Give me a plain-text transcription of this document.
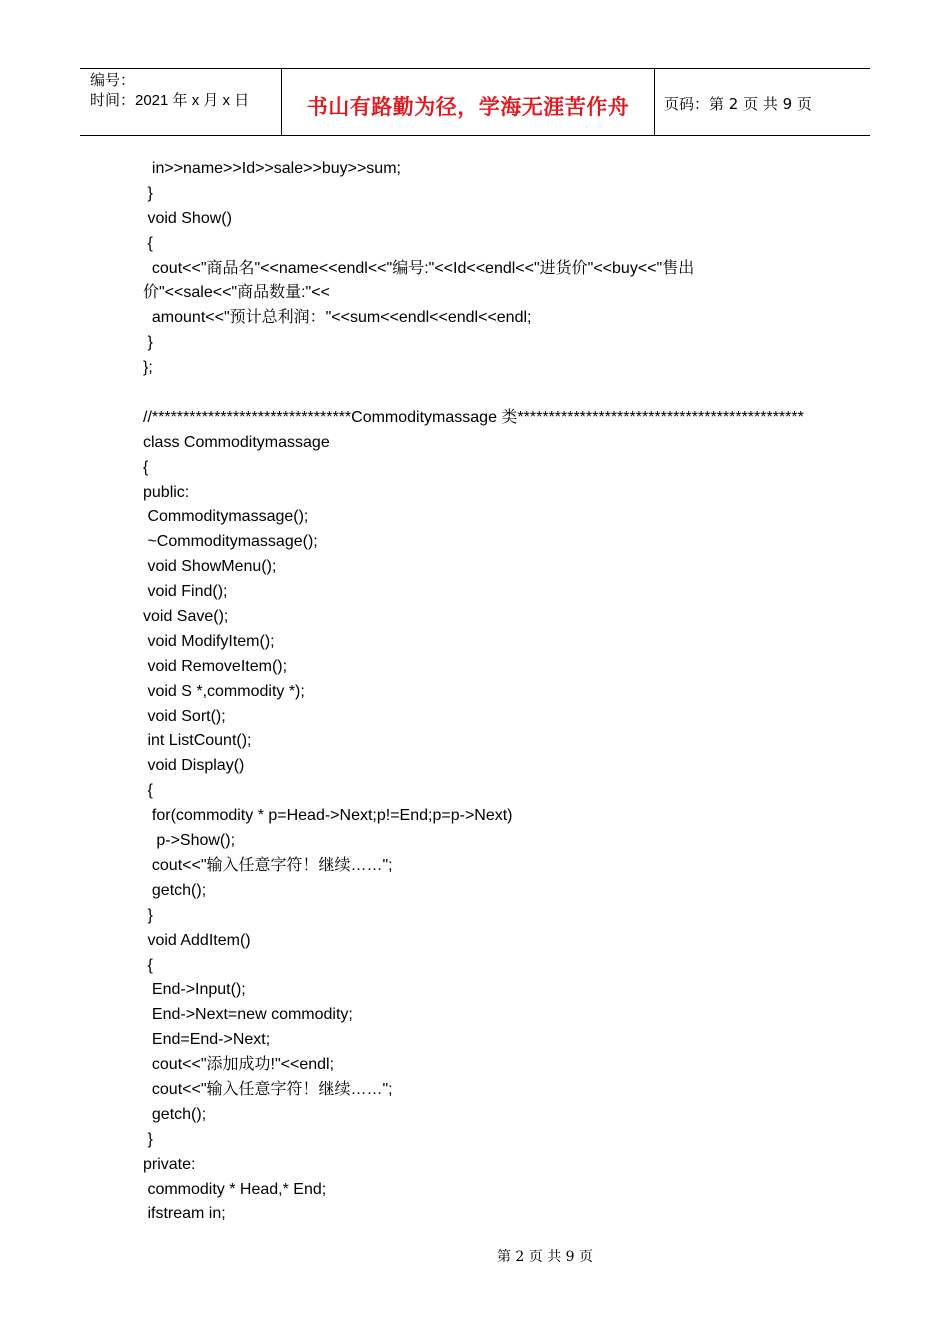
编号：
时间：2021 年 x 月 x 日	书山有路勤为径，学海无涯苦作舟	页码：第 2 页 共 9 页
in>>name>>Id>>sale>>buy>>sum;
}
void Show()
{
cout<<"商品名"<<name<<endl<<"编号:"<<Id<<endl<<"进货价"<<buy<<"售出
价"<<sale<<"商品数量:"<<
amount<<"预计总利润："<<sum<<endl<<endl<<endl;
}
};
//********************************Commoditymassage 类**********************************************
class Commoditymassage
{
public:
Commoditymassage();
~Commoditymassage();
void ShowMenu();
void Find();
void Save();
void ModifyItem();
void RemoveItem();
void S *,commodity *);
void Sort();
int ListCount();
void Display()
{
for(commodity * p=Head->Next;p!=End;p=p->Next)
p->Show();
cout<<"输入任意字符！继续……";
getch();
}
void AddItem()
{
End->Input();
End->Next=new commodity;
End=End->Next;
cout<<"添加成功!"<<endl;
cout<<"输入任意字符！继续……";
getch();
}
private:
commodity * Head,* End;
ifstream in;
第 2 页 共 9 页
